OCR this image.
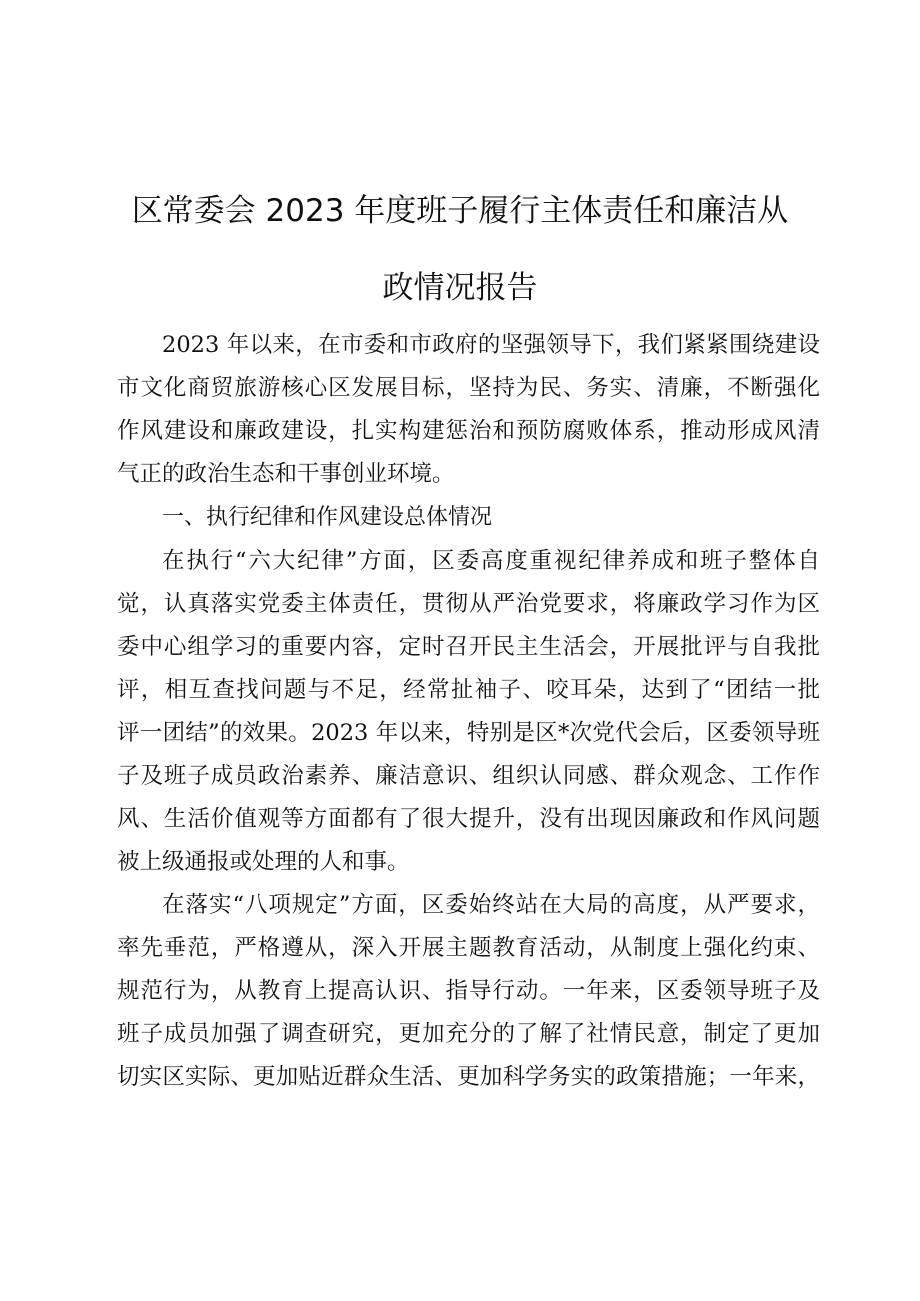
区常委会 2023 年度班子履行主体责任和廉洁从
政情况报告
2023 年以来，在市委和市政府的坚强领导下，我们紧紧围绕建设
市文化商贸旅游核心区发展目标，坚持为民、务实、清廉，不断强化
作风建设和廉政建设，扎实构建惩治和预防腐败体系，推动形成风清
气正的政治生态和干事创业环境。
一、执行纪律和作风建设总体情况
在执行“六大纪律”方面，区委高度重视纪律养成和班子整体自
觉，认真落实党委主体责任，贯彻从严治党要求，将廉政学习作为区
委中心组学习的重要内容，定时召开民主生活会，开展批评与自我批
评，相互查找问题与不足，经常扯袖子、咬耳朵，达到了“团结一批
评一团结”的效果。2023 年以来，特别是区*次党代会后，区委领导班
子及班子成员政治素养、廉洁意识、组织认同感、群众观念、工作作
风、生活价值观等方面都有了很大提升，没有出现因廉政和作风问题
被上级通报或处理的人和事。
在落实“八项规定”方面，区委始终站在大局的高度，从严要求，
率先垂范，严格遵从，深入开展主题教育活动，从制度上强化约束、
规范行为，从教育上提高认识、指导行动。一年来，区委领导班子及
班子成员加强了调查研究，更加充分的了解了社情民意，制定了更加
切实区实际、更加贴近群众生活、更加科学务实的政策措施；一年来，
